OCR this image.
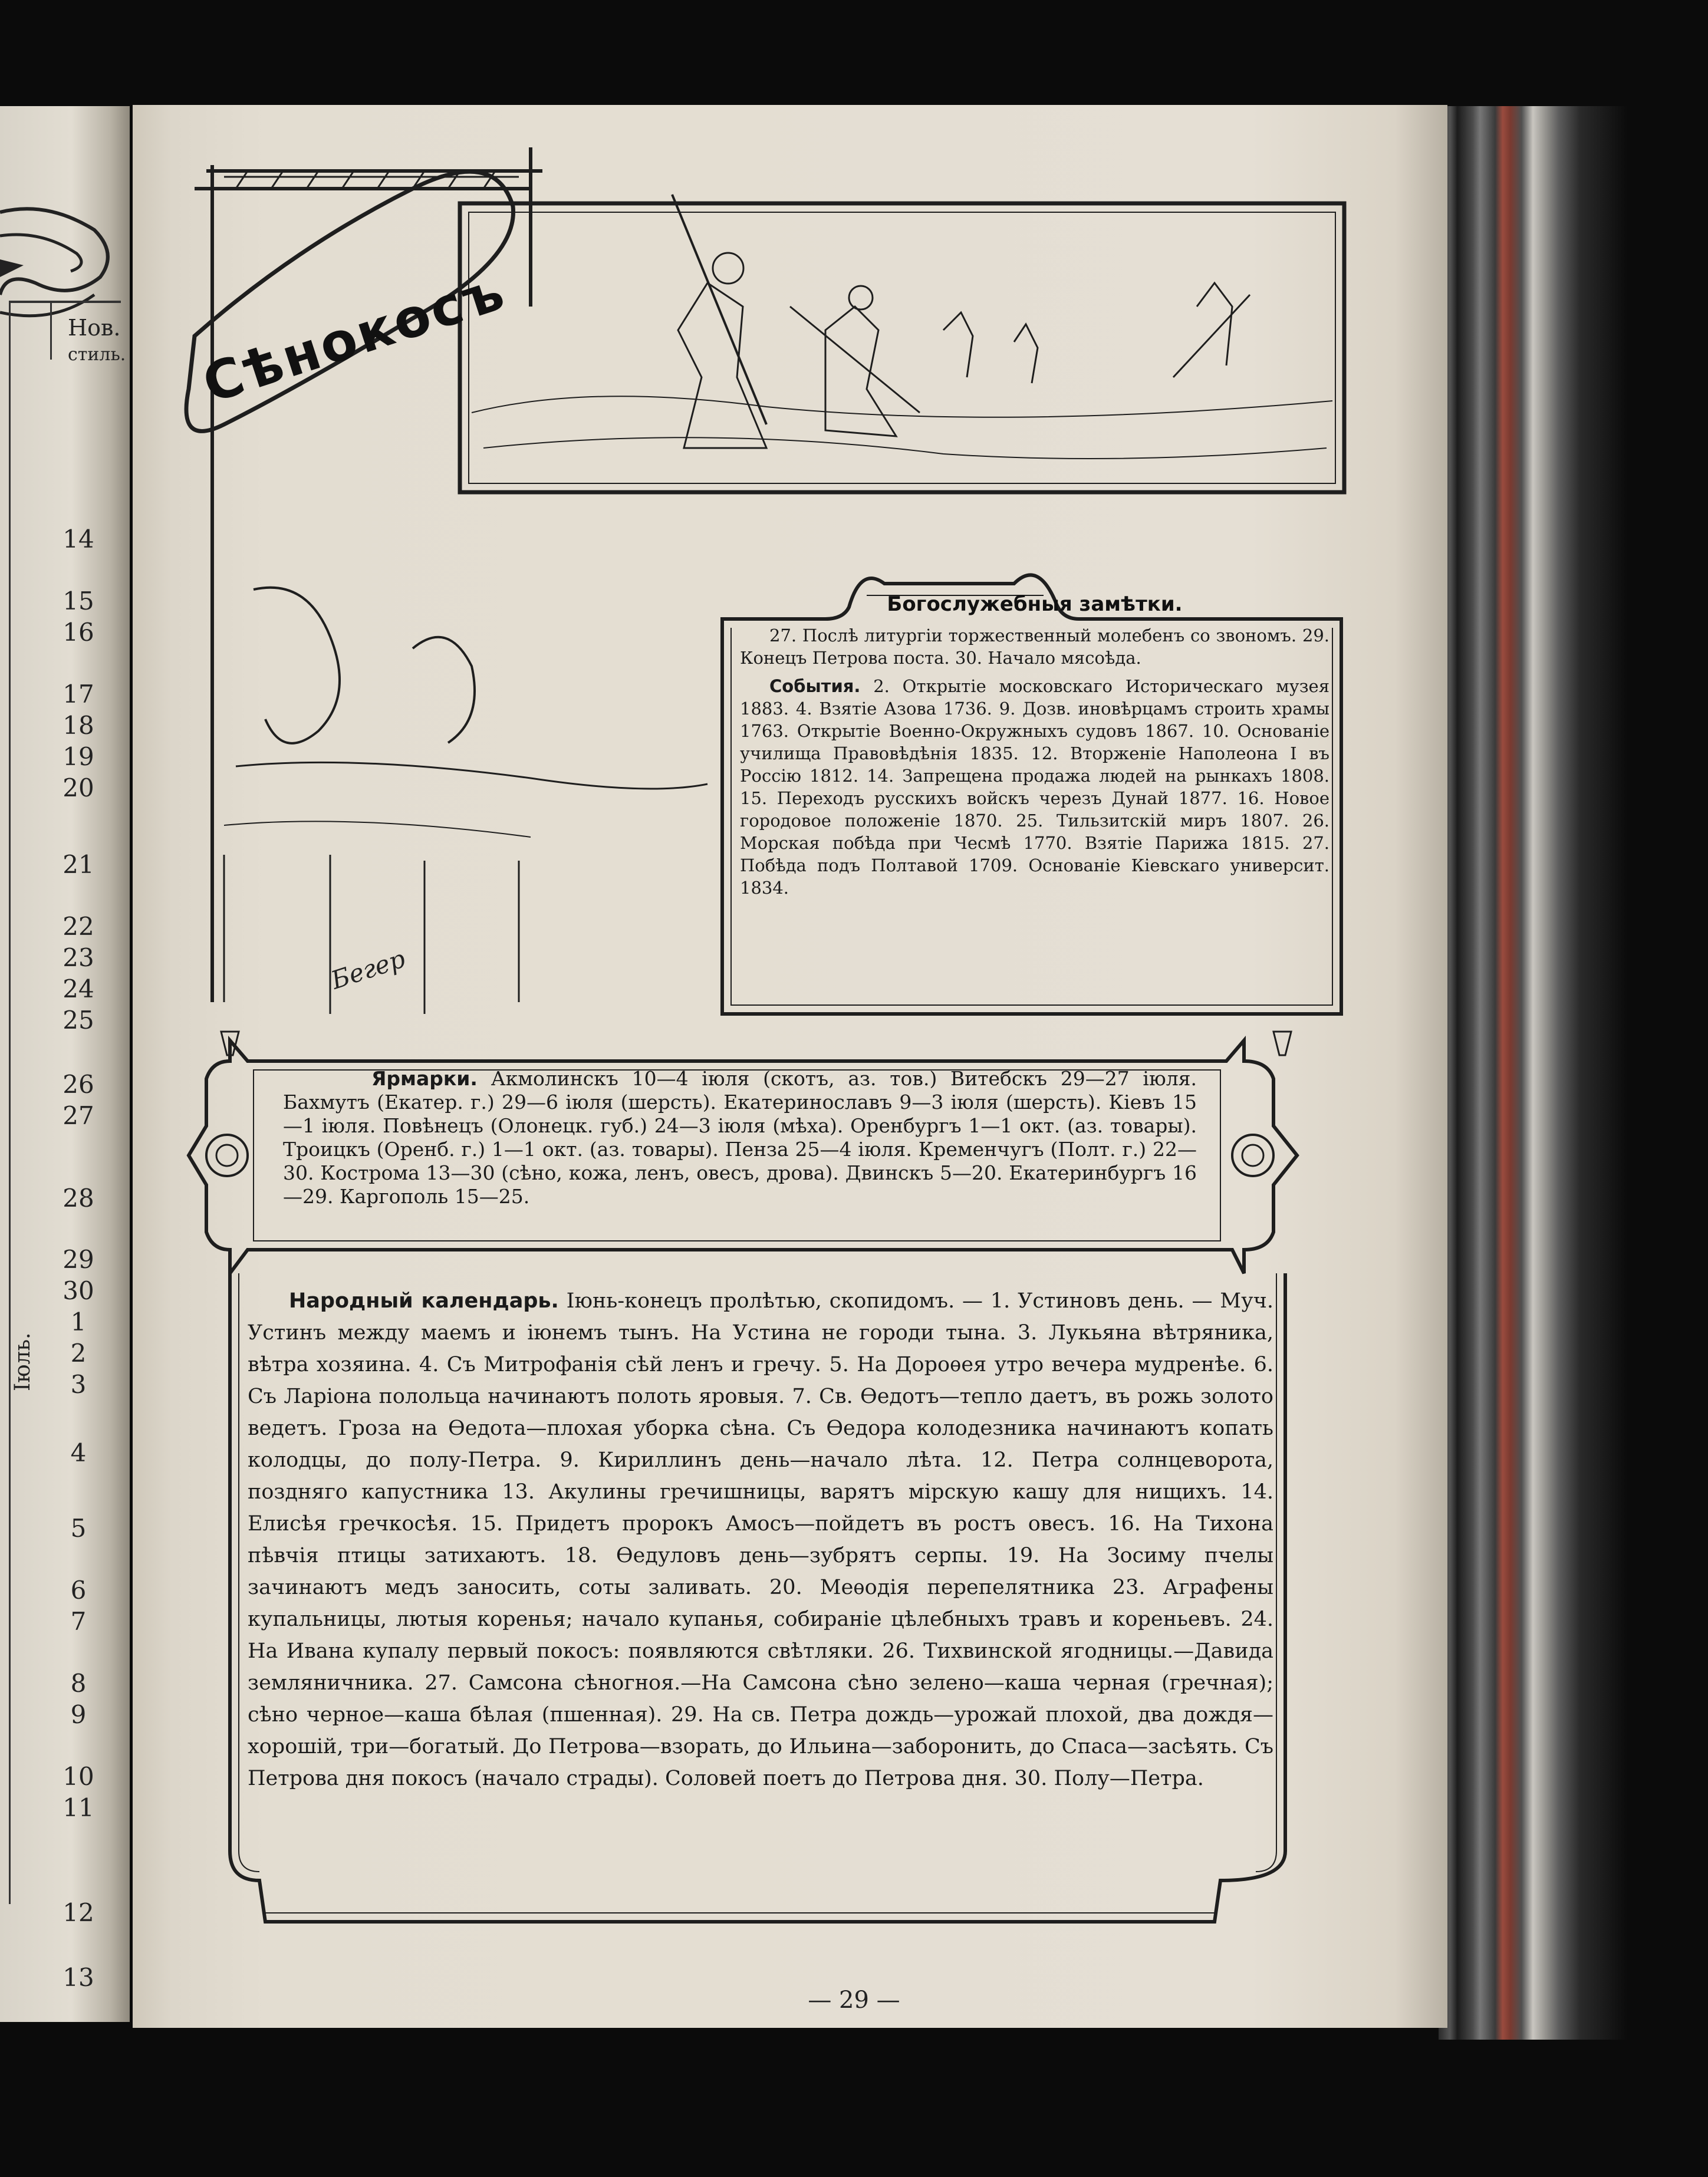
Нов.
стиль.
14
15
16
17
18
19
20
21
22
23
24
25
26
27
28
29
30
1
2
3
4
5
6
7
8
9
10
11
12
13
Іюль.
Сѣнокосъ
Бегер
Богослужебныя замѣтки.

27. Послѣ литургіи торжественный молебенъ со звономъ. 29. Конецъ Петрова поста. 30. Начало мясоѣда.

События. 2. Открытіе московскаго Историческаго музея 1883. 4. Взятіе Азова 1736. 9. Дозв. иновѣрцамъ строить храмы 1763. Открытіе Военно-Окружныхъ судовъ 1867. 10. Основаніе училища Правовѣдѣнія 1835. 12. Вторженіе Наполеона I въ Россію 1812. 14. Запрещена продажа людей на рынкахъ 1808. 15. Переходъ русскихъ войскъ черезъ Дунай 1877. 16. Новое городовое положеніе 1870. 25. Тильзитскій миръ 1807. 26. Морская побѣда при Чесмѣ 1770. Взятіе Парижа 1815. 27. Побѣда подъ Полтавой 1709. Основаніе Кіевскаго университ. 1834.

Ярмарки. Акмолинскъ 10—4 іюля (скотъ, аз. тов.) Витебскъ 29—27 іюля. Бахмутъ (Екатер. г.) 29—6 іюля (шерсть). Екатеринославъ 9—3 іюля (шерсть). Кіевъ 15—1 іюля. Повѣнецъ (Олонецк. губ.) 24—3 іюля (мѣха). Оренбургъ 1—1 окт. (аз. товары). Троицкъ (Оренб. г.) 1—1 окт. (аз. товары). Пенза 25—4 іюля. Кременчугъ (Полт. г.) 22—30. Кострома 13—30 (сѣно, кожа, ленъ, овесъ, дрова). Двинскъ 5—20. Екатеринбургъ 16—29. Каргополь 15—25.
Народный календарь. Іюнь-конецъ пролѣтью, скопидомъ. — 1. Устиновъ день. — Муч. Устинъ между маемъ и іюнемъ тынъ. На Устина не городи тына. 3. Лукьяна вѣтряника, вѣтра хозяина. 4. Съ Митрофанія сѣй ленъ и гречу. 5. На Дороѳея утро вечера мудренѣе. 6. Съ Ларіона полольца начинаютъ полоть яровыя. 7. Св. Ѳедотъ—тепло даетъ, въ рожь золото ведетъ. Гроза на Ѳедота—плохая уборка сѣна. Съ Ѳедора колодезника начинаютъ копать колодцы, до полу-Петра. 9. Кириллинъ день—начало лѣта. 12. Петра солнцеворота, поздняго капустника 13. Акулины гречишницы, варятъ мірскую кашу для нищихъ. 14. Елисѣя гречкосѣя. 15. Придетъ пророкъ Амосъ—пойдетъ въ ростъ овесъ. 16. На Тихона пѣвчія птицы затихаютъ. 18. Ѳедуловъ день—зубрятъ серпы. 19. На Зосиму пчелы зачинаютъ медъ заносить, соты заливать. 20. Меѳодія перепелятника 23. Аграфены купальницы, лютыя коренья; начало купанья, собираніе цѣлебныхъ травъ и кореньевъ. 24. На Ивана купалу первый покосъ: появляются свѣтляки. 26. Тихвинской ягодницы.—Давида земляничника. 27. Самсона сѣногноя.—На Самсона сѣно зелено—каша черная (гречная); сѣно черное—каша бѣлая (пшенная). 29. На св. Петра дождь—урожай плохой, два дождя—хорошій, три—богатый. До Петрова—взорать, до Ильина—заборонить, до Спаса—засѣять. Съ Петрова дня покосъ (начало страды). Соловей поетъ до Петрова дня. 30. Полу—Петра.
— 29 —
